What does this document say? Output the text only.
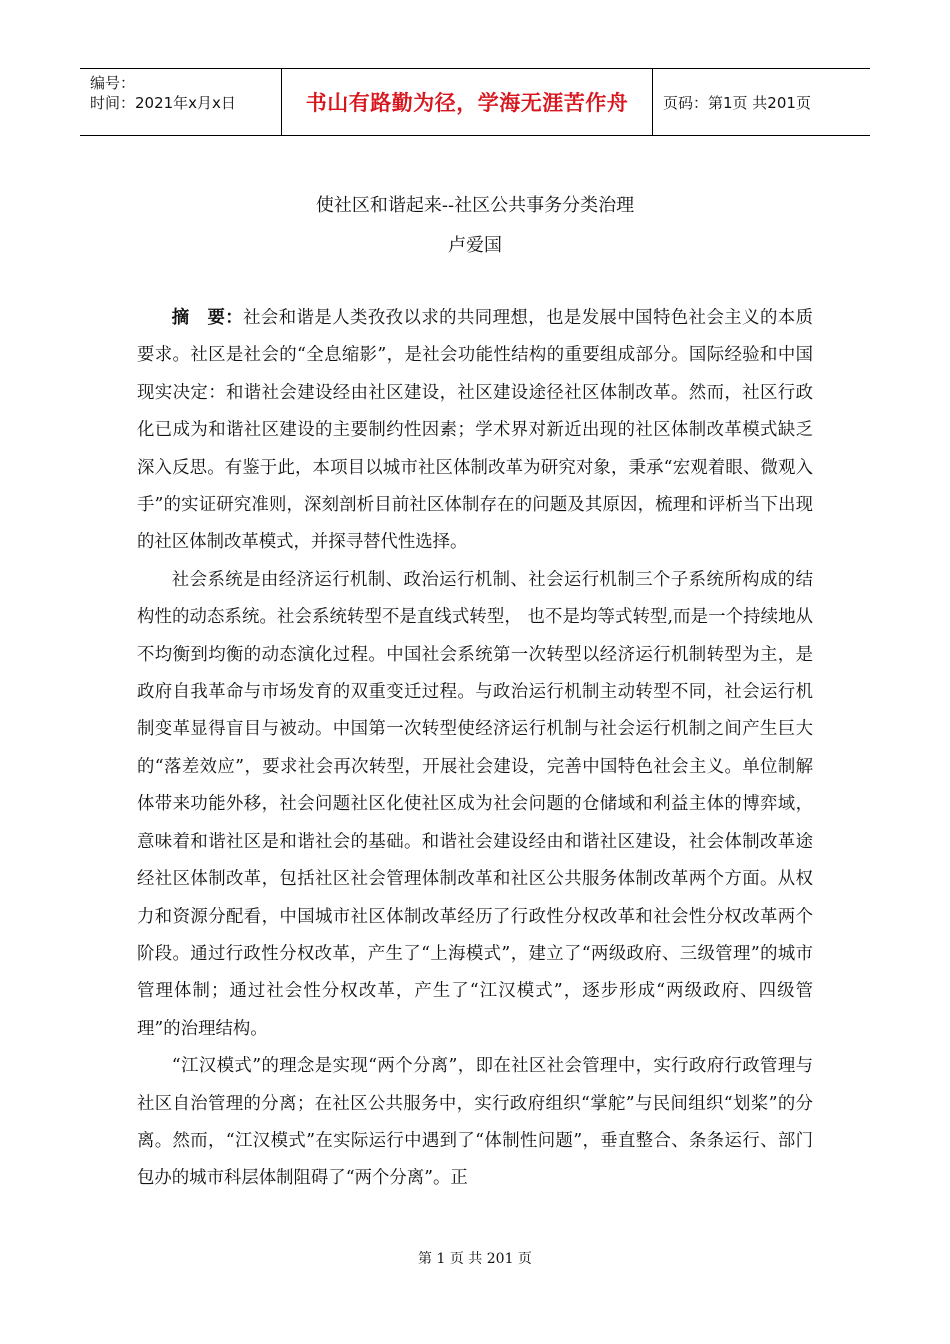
编号：
时间：2021年x月x日	书山有路勤为径，学海无涯苦作舟 页码：第1页 共201页
使社区和谐起来--社区公共事务分类治理
卢爱国

摘　要：社会和谐是人类孜孜以求的共同理想，也是发展中国特色社会主义的本质要求。社区是社会的“全息缩影”，是社会功能性结构的重要组成部分。国际经验和中国现实决定：和谐社会建设经由社区建设，社区建设途径社区体制改革。然而，社区行政化已成为和谐社区建设的主要制约性因素；学术界对新近出现的社区体制改革模式缺乏深入反思。有鉴于此，本项目以城市社区体制改革为研究对象，秉承“宏观着眼、微观入手”的实证研究准则，深刻剖析目前社区体制存在的问题及其原因，梳理和评析当下出现的社区体制改革模式，并探寻替代性选择。

社会系统是由经济运行机制、政治运行机制、社会运行机制三个子系统所构成的结构性的动态系统。社会系统转型不是直线式转型， 也不是均等式转型,而是一个持续地从不均衡到均衡的动态演化过程。中国社会系统第一次转型以经济运行机制转型为主，是政府自我革命与市场发育的双重变迁过程。与政治运行机制主动转型不同，社会运行机制变革显得盲目与被动。中国第一次转型使经济运行机制与社会运行机制之间产生巨大的“落差效应”，要求社会再次转型，开展社会建设，完善中国特色社会主义。单位制解体带来功能外移，社会问题社区化使社区成为社会问题的仓储域和利益主体的博弈域，意味着和谐社区是和谐社会的基础。和谐社会建设经由和谐社区建设，社会体制改革途经社区体制改革，包括社区社会管理体制改革和社区公共服务体制改革两个方面。从权力和资源分配看，中国城市社区体制改革经历了行政性分权改革和社会性分权改革两个阶段。通过行政性分权改革，产生了“上海模式”，建立了“两级政府、三级管理”的城市管理体制；通过社会性分权改革，产生了“江汉模式”，逐步形成“两级政府、四级管理”的治理结构。

“江汉模式”的理念是实现“两个分离”，即在社区社会管理中，实行政府行政管理与社区自治管理的分离；在社区公共服务中，实行政府组织“掌舵”与民间组织“划桨”的分离。然而，“江汉模式”在实际运行中遇到了“体制性问题”，垂直整合、条条运行、部门包办的城市科层体制阻碍了“两个分离”。正

第 1 页 共 201 页
